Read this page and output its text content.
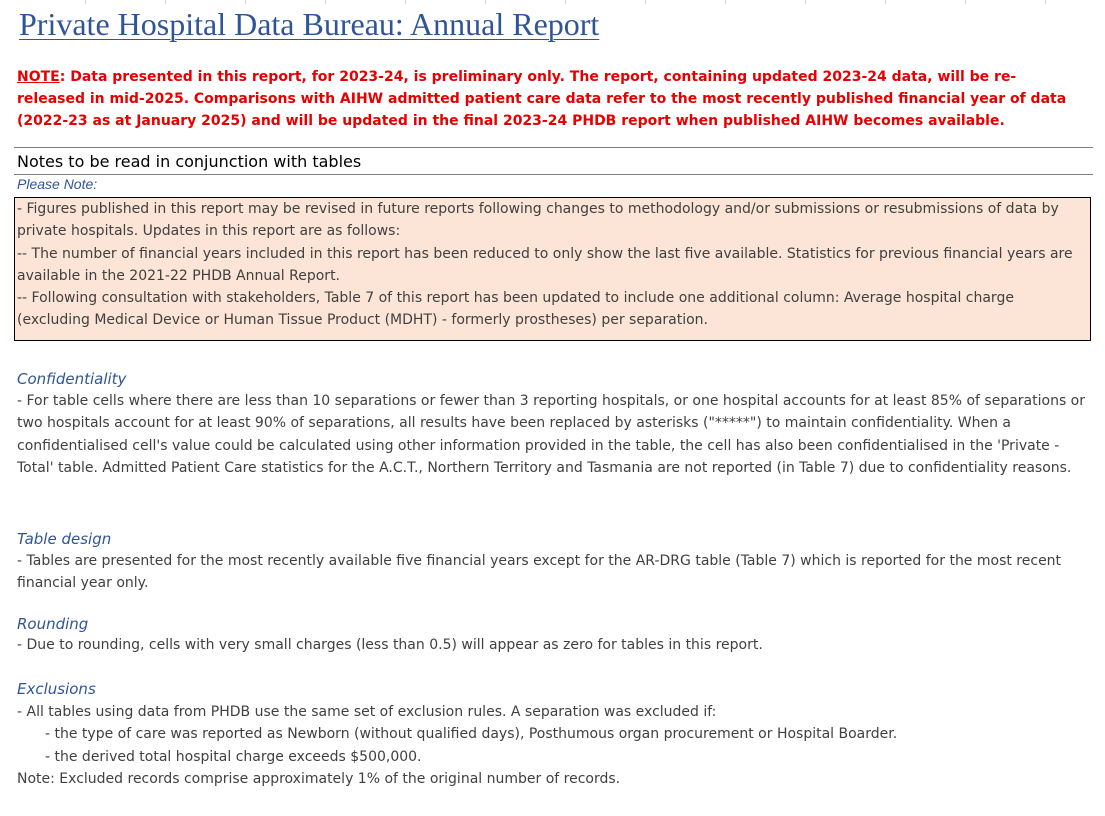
Private Hospital Data Bureau: Annual Report
NOTE: Data presented in this report, for 2023-24, is preliminary only. The report, containing updated 2023-24 data, will be re-released in mid-2025. Comparisons with AIHW admitted patient care data refer to the most recently published financial year of data (2022-23 as at January 2025) and will be updated in the final 2023-24 PHDB report when published AIHW becomes available.
Notes to be read in conjunction with tables
Please Note:

- Figures published in this report may be revised in future reports following changes to methodology and/or submissions or resubmissions of data by private hospitals. Updates in this report are as follows:

-- The number of financial years included in this report has been reduced to only show the last five available. Statistics for previous financial years are available in the 2021-22 PHDB Annual Report.

-- Following consultation with stakeholders, Table 7 of this report has been updated to include one additional column: Average hospital charge (excluding Medical Device or Human Tissue Product (MDHT) - formerly prostheses) per separation.

Confidentiality
- For table cells where there are less than 10 separations or fewer than 3 reporting hospitals, or one hospital accounts for at least 85% of separations or two hospitals account for at least 90% of separations, all results have been replaced by asterisks ("*****") to maintain confidentiality. When a confidentialised cell's value could be calculated using other information provided in the table, the cell has also been confidentialised in the 'Private - Total' table. Admitted Patient Care statistics for the A.C.T., Northern Territory and Tasmania are not reported (in Table 7) due to confidentiality reasons.
Table design
- Tables are presented for the most recently available five financial years except for the AR-DRG table (Table 7) which is reported for the most recent financial year only.
Rounding
- Due to rounding, cells with very small charges (less than 0.5) will appear as zero for tables in this report.
Exclusions

- All tables using data from PHDB use the same set of exclusion rules. A separation was excluded if:

- the type of care was reported as Newborn (without qualified days), Posthumous organ procurement or Hospital Boarder.

- the derived total hospital charge exceeds $500,000.

Note: Excluded records comprise approximately 1% of the original number of records.
